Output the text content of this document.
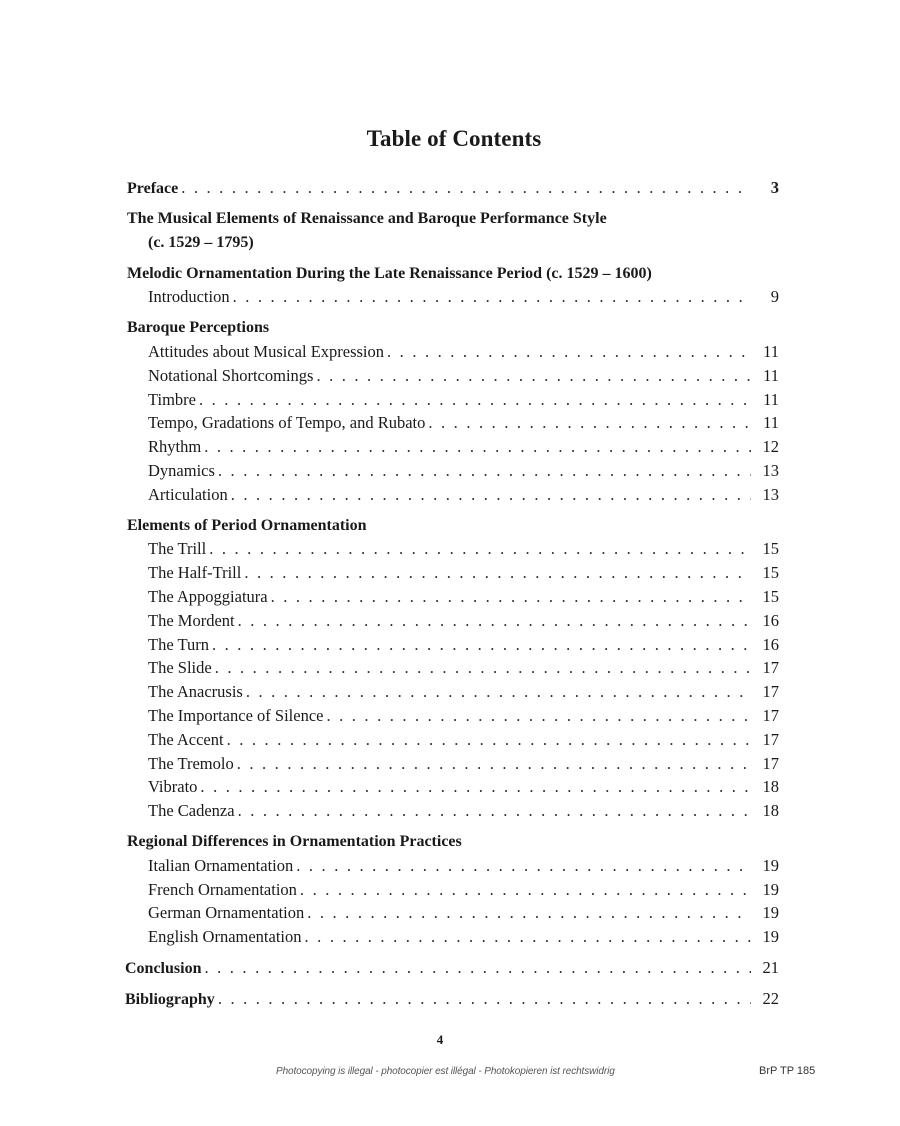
Table of Contents
Preface . . .	3
The Musical Elements of Renaissance and Baroque Performance Style
(c. 1529 – 1795)
Melodic Ornamentation During the Late Renaissance Period (c. 1529 – 1600)
Introduction . . .	9
Baroque Perceptions
Attitudes about Musical Expression . . .	11
Notational Shortcomings . . .	11
Timbre . . .	11
Tempo, Gradations of Tempo, and Rubato . . .	11
Rhythm . . .	12
Dynamics . . .	13
Articulation . . .	13
Elements of Period Ornamentation
The Trill . . .	15
The Half-Trill . . .	15
The Appoggiatura . . .	15
The Mordent . . .	16
The Turn . . .	16
The Slide . . .	17
The Anacrusis . . .	17
The Importance of Silence . . .	17
The Accent . . .	17
The Tremolo . . .	17
Vibrato . . .	18
The Cadenza . . .	18
Regional Differences in Ornamentation Practices
Italian Ornamentation . . .	19
French Ornamentation . . .	19
German Ornamentation . . .	19
English Ornamentation . . .	19
Conclusion . . .	21
Bibliography . . .	22
4
Photocopying is illegal - photocopier est illégal - Photokopieren ist rechtswidrig	BrP TP 185
